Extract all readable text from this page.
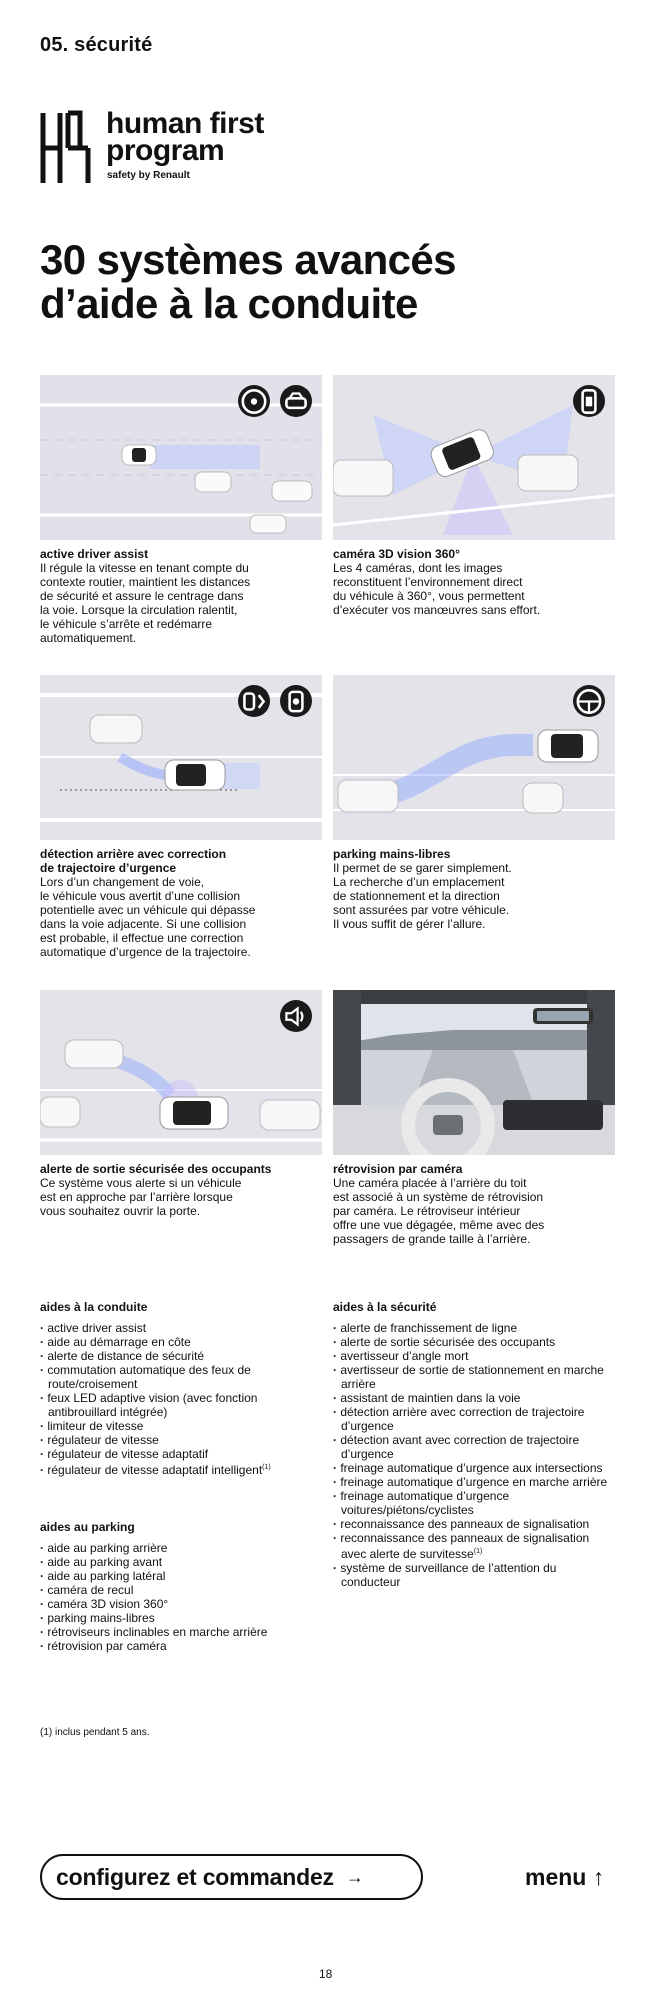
05. sécurité
human first
program
safety by Renault
30 systèmes avancés
d’aide à la conduite
active driver assist
Il régule la vitesse en tenant compte du
contexte routier, maintient les distances
de sécurité et assure le centrage dans
la voie. Lorsque la circulation ralentit,
le véhicule s’arrête et redémarre
automatiquement.
caméra 3D vision 360°
Les 4 caméras, dont les images
reconstituent l’environnement direct
du véhicule à 360°, vous permettent
d’exécuter vos manœuvres sans effort.
détection arrière avec correction
de trajectoire d’urgence
Lors d’un changement de voie,
le véhicule vous avertit d’une collision
potentielle avec un véhicule qui dépasse
dans la voie adjacente. Si une collision
est probable, il effectue une correction
automatique d’urgence de la trajectoire.
parking mains-libres
Il permet de se garer simplement.
La recherche d’un emplacement
de stationnement et la direction
sont assurées par votre véhicule.
Il vous suffit de gérer l’allure.
alerte de sortie sécurisée des occupants
Ce système vous alerte si un véhicule
est en approche par l’arrière lorsque
vous souhaitez ouvrir la porte.
rétrovision par caméra
Une caméra placée à l’arrière du toit
est associé à un système de rétrovision
par caméra. Le rétroviseur intérieur
offre une vue dégagée, même avec des
passagers de grande taille à l’arrière.
aides à la conduite
· active driver assist
· aide au démarrage en côte
· alerte de distance de sécurité
· commutation automatique des feux de route/croisement
· feux LED adaptive vision (avec fonction antibrouillard intégrée)
· limiteur de vitesse
· régulateur de vitesse
· régulateur de vitesse adaptatif
· régulateur de vitesse adaptatif intelligent$^{(1)}$
aides au parking
· aide au parking arrière
· aide au parking avant
· aide au parking latéral
· caméra de recul
· caméra 3D vision 360°
· parking mains-libres
· rétroviseurs inclinables en marche arrière
· rétrovision par caméra
aides à la sécurité
· alerte de franchissement de ligne
· alerte de sortie sécurisée des occupants
· avertisseur d’angle mort
· avertisseur de sortie de stationnement en marche arrière
· assistant de maintien dans la voie
· détection arrière avec correction de trajectoire d’urgence
· détection avant avec correction de trajectoire d’urgence
· freinage automatique d’urgence aux intersections
· freinage automatique d’urgence en marche arrière
· freinage automatique d’urgence voitures/piétons/cyclistes
· reconnaissance des panneaux de signalisation
· reconnaissance des panneaux de signalisation avec alerte de survitesse$^{(1)}$
· système de surveillance de l’attention du conducteur
(1) inclus pendant 5 ans.
configurez et commandez →	menu ↑
18
